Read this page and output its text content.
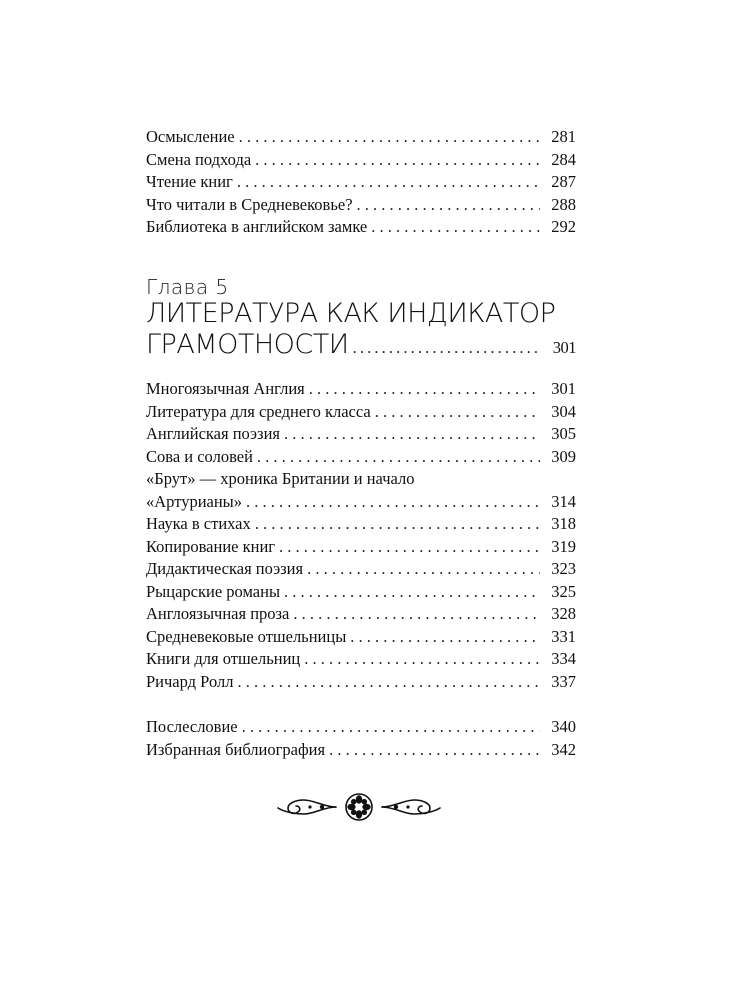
Осмысление . . .	281
Смена подхода . . .	284
Чтение книг . . .	287
Что читали в Средневековье? . . .	288
Библиотека в английском замке . . .	292
Глава 5
ЛИТЕРАТУРА КАК ИНДИКАТОР
ГРАМОТНОСТИ . . .	301
Многоязычная Англия . . .	301
Литература для среднего класса . . .	304
Английская поэзия . . .	305
Сова и соловей . . .	309
«Брут» — хроника Британии и начало
«Артурианы» . . .	314
Наука в стихах . . .	318
Копирование книг . . .	319
Дидактическая поэзия . . .	323
Рыцарские романы . . .	325
Англоязычная проза . . .	328
Средневековые отшельницы . . .	331
Книги для отшельниц . . .	334
Ричард Ролл . . .	337
Послесловие . . .	340
Избранная библиография . . .	342
